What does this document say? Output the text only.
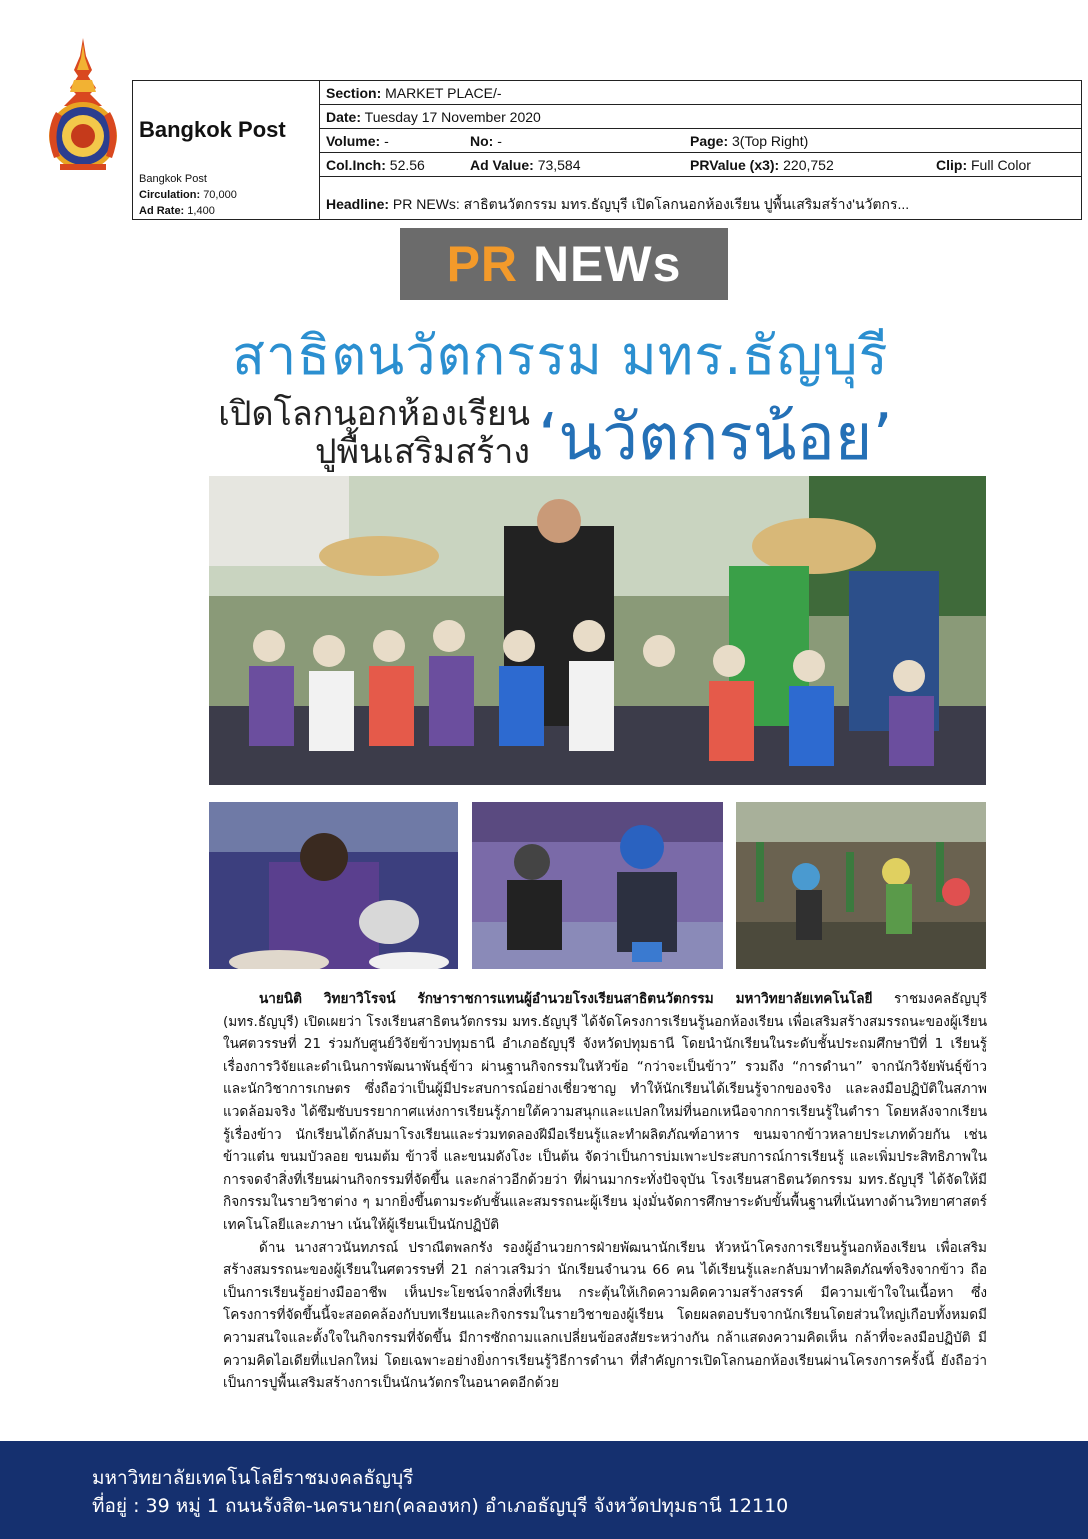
Bangkok Post
Bangkok Post
Circulation: 70,000
Ad Rate: 1,400
Section: MARKET PLACE/-
Date: Tuesday 17 November 2020
Volume: -	No: -	Page: 3(Top Right)
Col.Inch: 52.56	Ad Value: 73,584	PRValue (x3): 220,752	Clip: Full Color
Headline: PR NEWs: สาธิตนวัตกรรม มทร.ธัญบุรี เปิดโลกนอกห้องเรียน ปูพื้นเสริมสร้าง'นวัตกร...
PR NEWs
สาธิตนวัตกรรม มทร.ธัญบุรี
เปิดโลกนอกห้องเรียน
ปูพื้นเสริมสร้าง ‘นวัตกรน้อย’

นายนิติ วิทยาวิโรจน์ รักษาราชการแทนผู้อำนวยโรงเรียนสาธิตนวัตกรรม มหาวิทยาลัยเทคโนโลยี ราชมงคลธัญบุรี (มทร.ธัญบุรี) เปิดเผยว่า โรงเรียนสาธิตนวัตกรรม มทร.ธัญบุรี ได้จัดโครงการเรียนรู้นอกห้องเรียน เพื่อเสริมสร้างสมรรถนะของผู้เรียนในศตวรรษที่ 21 ร่วมกับศูนย์วิจัยข้าวปทุมธานี อำเภอธัญบุรี จังหวัดปทุมธานี โดยนำนักเรียนในระดับชั้นประถมศึกษาปีที่ 1 เรียนรู้เรื่องการวิจัยและดำเนินการพัฒนาพันธุ์ข้าว ผ่านฐานกิจกรรมในหัวข้อ “กว่าจะเป็นข้าว” รวมถึง “การดำนา” จากนักวิจัยพันธุ์ข้าวและนักวิชาการเกษตร ซึ่งถือว่าเป็นผู้มีประสบการณ์อย่างเชี่ยวชาญ ทำให้นักเรียนได้เรียนรู้จากของจริง และลงมือปฏิบัติในสภาพแวดล้อมจริง ได้ซึมซับบรรยากาศแห่งการเรียนรู้ภายใต้ความสนุกและแปลกใหม่ที่นอกเหนือจากการเรียนรู้ในตำรา โดยหลังจากเรียนรู้เรื่องข้าว นักเรียนได้กลับมาโรงเรียนและร่วมทดลองฝีมือเรียนรู้และทำผลิตภัณฑ์อาหาร ขนมจากข้าวหลายประเภทด้วยกัน เช่น ข้าวแต๋น ขนมบัวลอย ขนมต้ม ข้าวจี่ และขนมดังโงะ เป็นต้น จัดว่าเป็นการบ่มเพาะประสบการณ์การเรียนรู้ และเพิ่มประสิทธิภาพในการจดจำสิ่งที่เรียนผ่านกิจกรรมที่จัดขึ้น และกล่าวอีกด้วยว่า ที่ผ่านมากระทั่งปัจจุบัน โรงเรียนสาธิตนวัตกรรม มทร.ธัญบุรี ได้จัดให้มีกิจกรรมในรายวิชาต่าง ๆ มากยิ่งขึ้นตามระดับชั้นและสมรรถนะผู้เรียน มุ่งมั่นจัดการศึกษาระดับขั้นพื้นฐานที่เน้นทางด้านวิทยาศาสตร์เทคโนโลยีและภาษา เน้นให้ผู้เรียนเป็นนักปฏิบัติ

ด้าน นางสาวนันทภรณ์ ปราณีตพลกรัง รองผู้อำนวยการฝ่ายพัฒนานักเรียน หัวหน้าโครงการเรียนรู้นอกห้องเรียน เพื่อเสริมสร้างสมรรถนะของผู้เรียนในศตวรรษที่ 21 กล่าวเสริมว่า นักเรียนจำนวน 66 คน ได้เรียนรู้และกลับมาทำผลิตภัณฑ์จริงจากข้าว ถือเป็นการเรียนรู้อย่างมืออาชีพ เห็นประโยชน์จากสิ่งที่เรียน กระตุ้นให้เกิดความคิดความสร้างสรรค์ มีความเข้าใจในเนื้อหา ซึ่งโครงการที่จัดขึ้นนี้จะสอดคล้องกับบทเรียนและกิจกรรมในรายวิชาของผู้เรียน โดยผลตอบรับจากนักเรียนโดยส่วนใหญ่เกือบทั้งหมดมีความสนใจและตั้งใจในกิจกรรมที่จัดขึ้น มีการซักถามแลกเปลี่ยนข้อสงสัยระหว่างกัน กล้าแสดงความคิดเห็น กล้าที่จะลงมือปฏิบัติ มีความคิดไอเดียที่แปลกใหม่ โดยเฉพาะอย่างยิ่งการเรียนรู้วิธีการดำนา ที่สำคัญการเปิดโลกนอกห้องเรียนผ่านโครงการครั้งนี้ ยังถือว่าเป็นการปูพื้นเสริมสร้างการเป็นนักนวัตกรในอนาคตอีกด้วย

มหาวิทยาลัยเทคโนโลยีราชมงคลธัญบุรี
ที่อยู่ : 39 หมู่ 1 ถนนรังสิต-นครนายก(คลองหก) อำเภอธัญบุรี จังหวัดปทุมธานี 12110
